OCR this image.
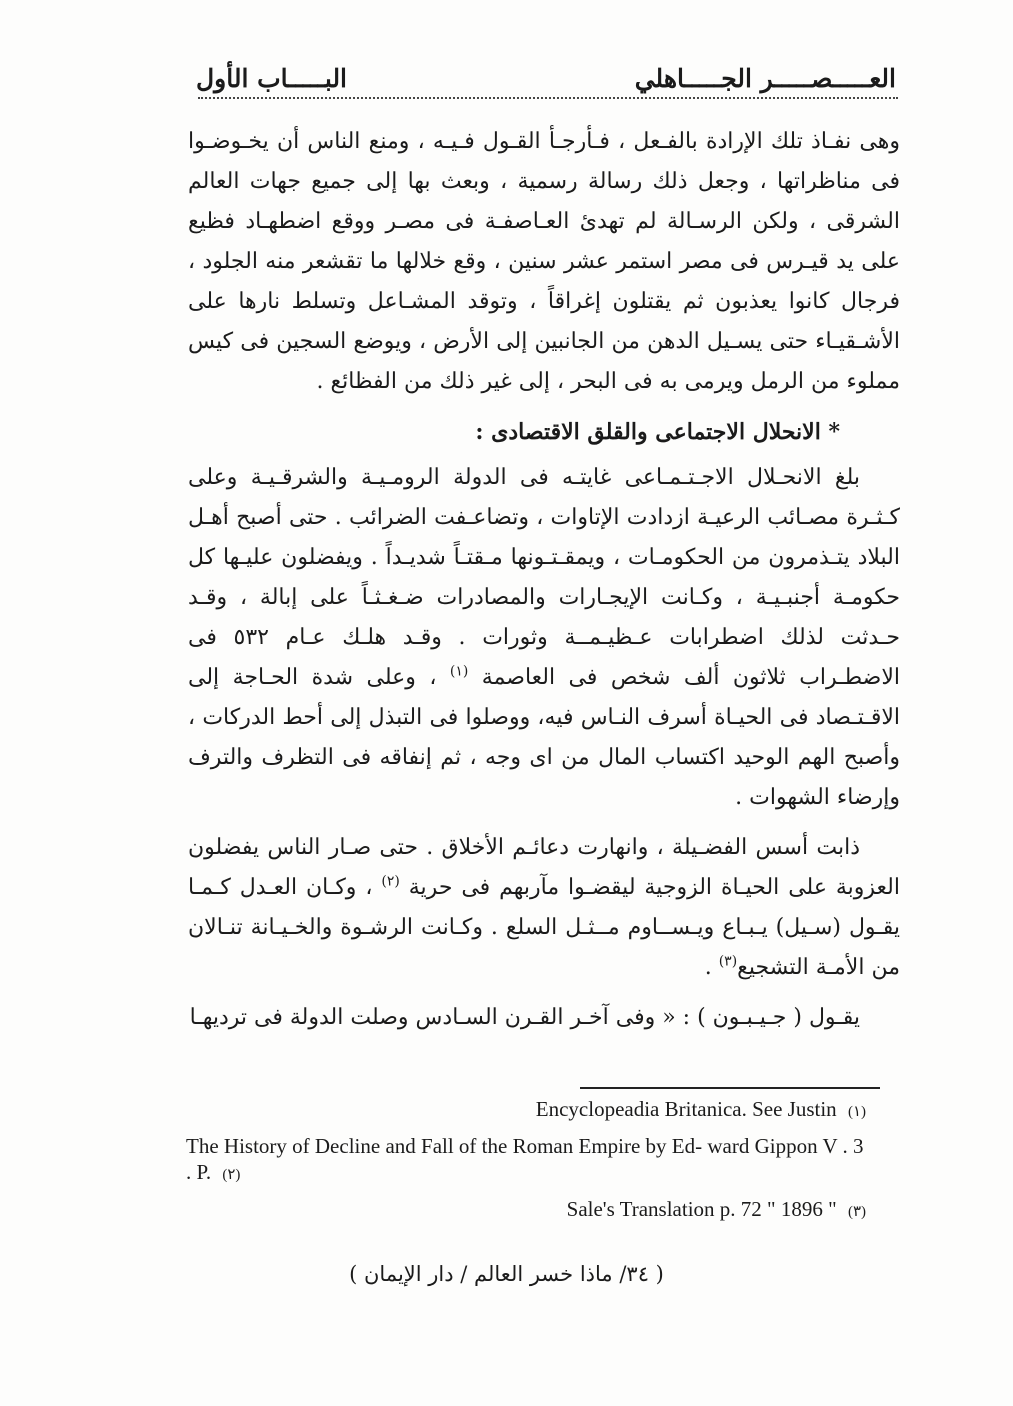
العـــــصـــــر الجـــــاهلي
البـــــاب الأول

وهى نفـاذ تلك الإرادة بالفـعل ، فـأرجـأ القـول فـيـه ، ومنع الناس أن يخـوضـوا فى مناظراتها ، وجعل ذلك رسالة رسمية ، وبعث بها إلى جميع جهات العالم الشرقى ، ولكن الرسـالة لم تهدئ العـاصفـة فى مصـر ووقع اضطهـاد فظيع على يد قيـرس فى مصر استمر عشر سنين ، وقع خلالها ما تقشعر منه الجلود ، فرجال كانوا يعذبون ثم يقتلون إغراقاً ، وتوقد المشـاعل وتسلط نارها على الأشـقيـاء حتى يسـيل الدهن من الجانبين إلى الأرض ، ويوضع السجين فى كيس مملوء من الرمل ويرمى به فى البحر ، إلى غير ذلك من الفظائع .

* الانحلال الاجتماعى والقلق الاقتصادى :

بلغ الانحـلال الاجـتـمـاعى غايتـه فى الدولة الرومـيـة والشرقـيـة وعلى كـثـرة مصـائب الرعيـة ازدادت الإتاوات ، وتضاعـفت الضرائب . حتى أصبح أهـل البلاد يتـذمرون من الحكومـات ، ويمقـتـونها مـقتـاً شديـداً . ويفضلون عليـها كل حكومـة أجنبـيـة ، وكـانت الإيجـارات والمصادرات ضـغـثـاً على إبالة ، وقـد حـدثت لذلك اضطرابات عـظيـمــة وثورات . وقـد هلـك عـام ٥٣٢ فى الاضطـراب ثلاثون ألف شخص فى العاصمة $^{(١)}$ ، وعلى شدة الحـاجة إلى الاقـتـصاد فى الحيـاة أسرف النـاس فيه، ووصلوا فى التبذل إلى أحط الدركات ، وأصبح الهم الوحيد اكتساب المال من اى وجه ، ثم إنفاقه فى التظرف والترف وإرضاء الشهوات .

ذابت أسس الفضـيلة ، وانهارت دعائـم الأخلاق . حتى صـار الناس يفضلون العزوبة على الحيـاة الزوجية ليقضـوا مآربهم فى حرية $^{(٢)}$ ، وكـان العـدل كـمـا يقـول (سـيل) يـبـاع ويـســاوم مــثـل السلع . وكـانت الرشـوة والخـيـانة تنـالان من الأمـة التشجيع$^{(٣)}$ .

يقـول ( جـيـبـون ) : « وفى آخـر القـرن السـادس وصلت الدولة فى ترديهـا

Encyclopeadia Britanica. See Justin (١)
The History of Decline and Fall of the Roman Empire by Ed- ward Gippon V . 3 . P. (٢)
Sale's Translation p. 72 " 1896 " (٣)
( ٣٤/ ماذا خسر العالم / دار الإيمان )
